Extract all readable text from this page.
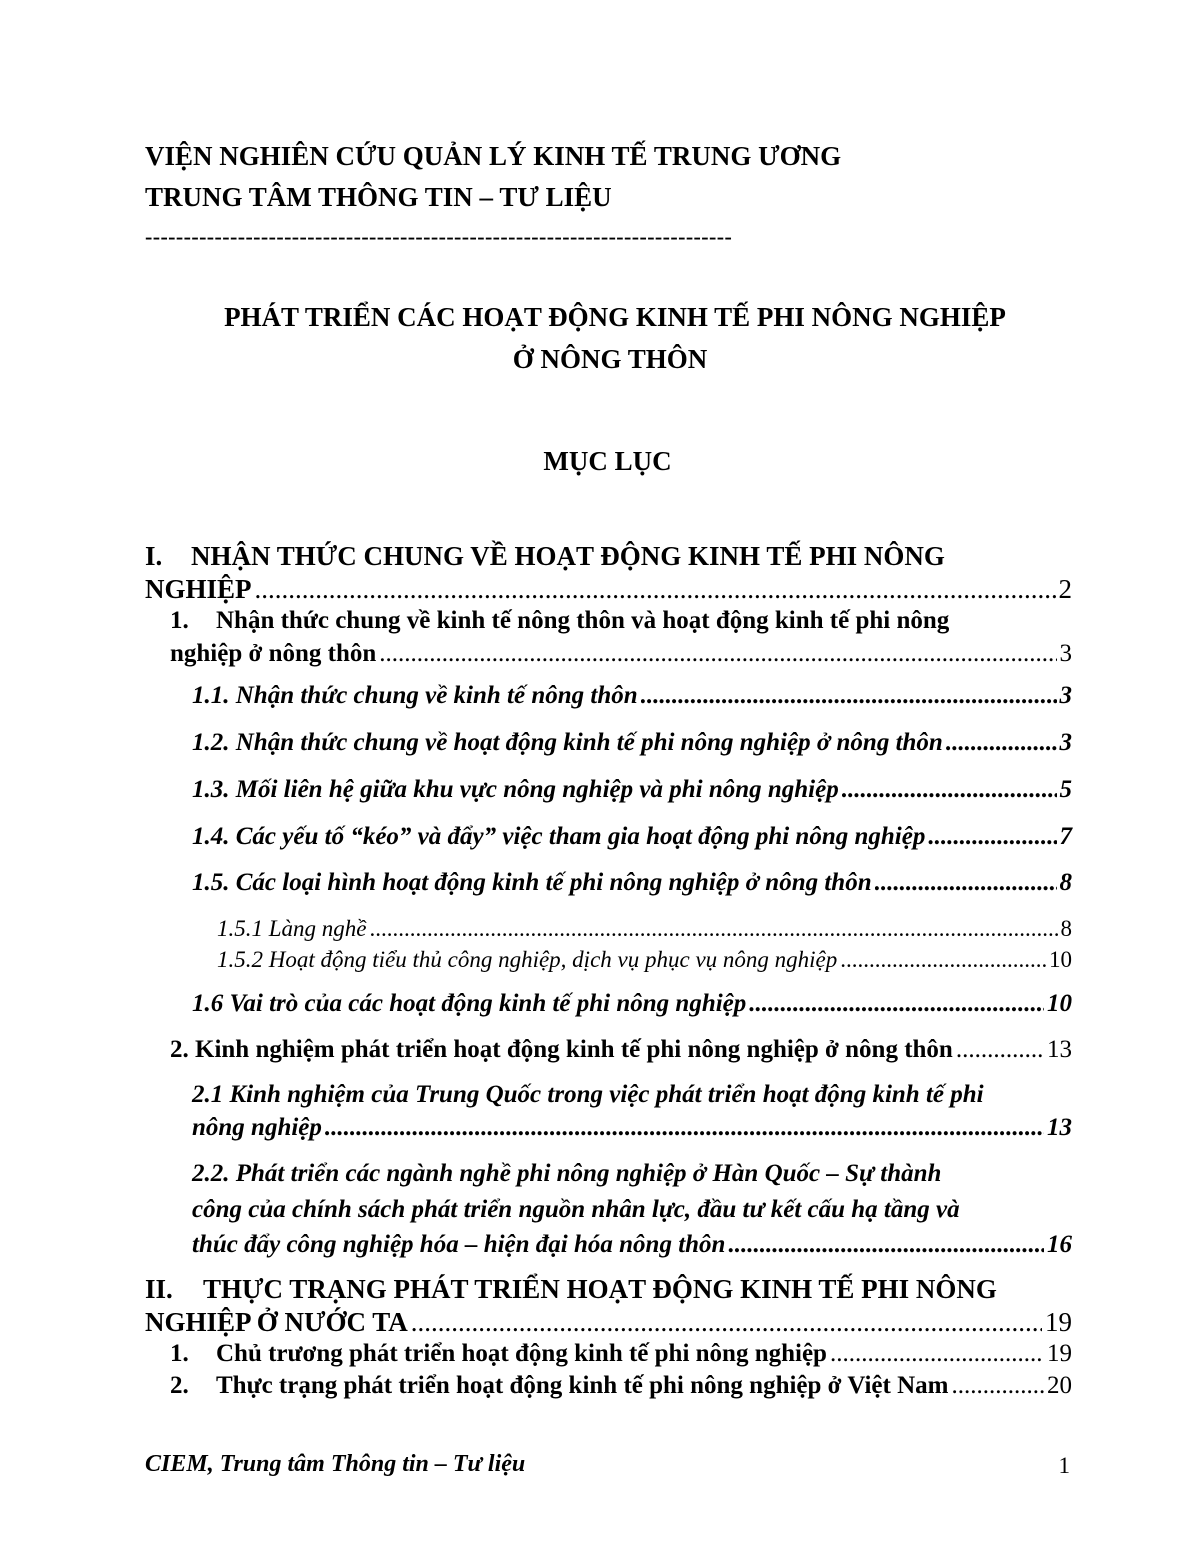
VIỆN NGHIÊN CỨU QUẢN LÝ KINH TẾ TRUNG ƯƠNG
TRUNG TÂM THÔNG TIN – TƯ LIỆU
----------------------------------------------------------------------------
PHÁT TRIỂN CÁC HOẠT ĐỘNG KINH TẾ PHI NÔNG NGHIỆP
Ở NÔNG THÔN
MỤC LỤC
I. NHẬN THỨC CHUNG VỀ HOẠT ĐỘNG KINH TẾ PHI NÔNG
NGHIỆP .....	2
1. Nhận thức chung về kinh tế nông thôn và hoạt động kinh tế phi nông
nghiệp ở nông thôn .....	3
1.1. Nhận thức chung về kinh tế nông thôn .....	3
1.2. Nhận thức chung về hoạt động kinh tế phi nông nghiệp ở nông thôn .....	3
1.3. Mối liên hệ giữa khu vực nông nghiệp và phi nông nghiệp .....	5
1.4. Các yếu tố “kéo” và đẩy” việc tham gia hoạt động phi nông nghiệp .....	7
1.5. Các loại hình hoạt động kinh tế phi nông nghiệp ở nông thôn .....	8
1.5.1 Làng nghề .....	8
1.5.2 Hoạt động tiểu thủ công nghiệp, dịch vụ phục vụ nông nghiệp .....	10
1.6 Vai trò của các hoạt động kinh tế phi nông nghiệp .....	10
2. Kinh nghiệm phát triển hoạt động kinh tế phi nông nghiệp ở nông thôn .....	13
2.1 Kinh nghiệm của Trung Quốc trong việc phát triển hoạt động kinh tế phi
nông nghiệp .....	13
2.2. Phát triển các ngành nghề phi nông nghiệp ở Hàn Quốc – Sự thành
công của chính sách phát triển nguồn nhân lực, đầu tư kết cấu hạ tầng và
thúc đẩy công nghiệp hóa – hiện đại hóa nông thôn .....	16
II. THỰC TRẠNG PHÁT TRIỂN HOẠT ĐỘNG KINH TẾ PHI NÔNG
NGHIỆP Ở NƯỚC TA .....	19
1. Chủ trương phát triển hoạt động kinh tế phi nông nghiệp .....	19
2. Thực trạng phát triển hoạt động kinh tế phi nông nghiệp ở Việt Nam .....	20
CIEM, Trung tâm Thông tin – Tư liệu	1
